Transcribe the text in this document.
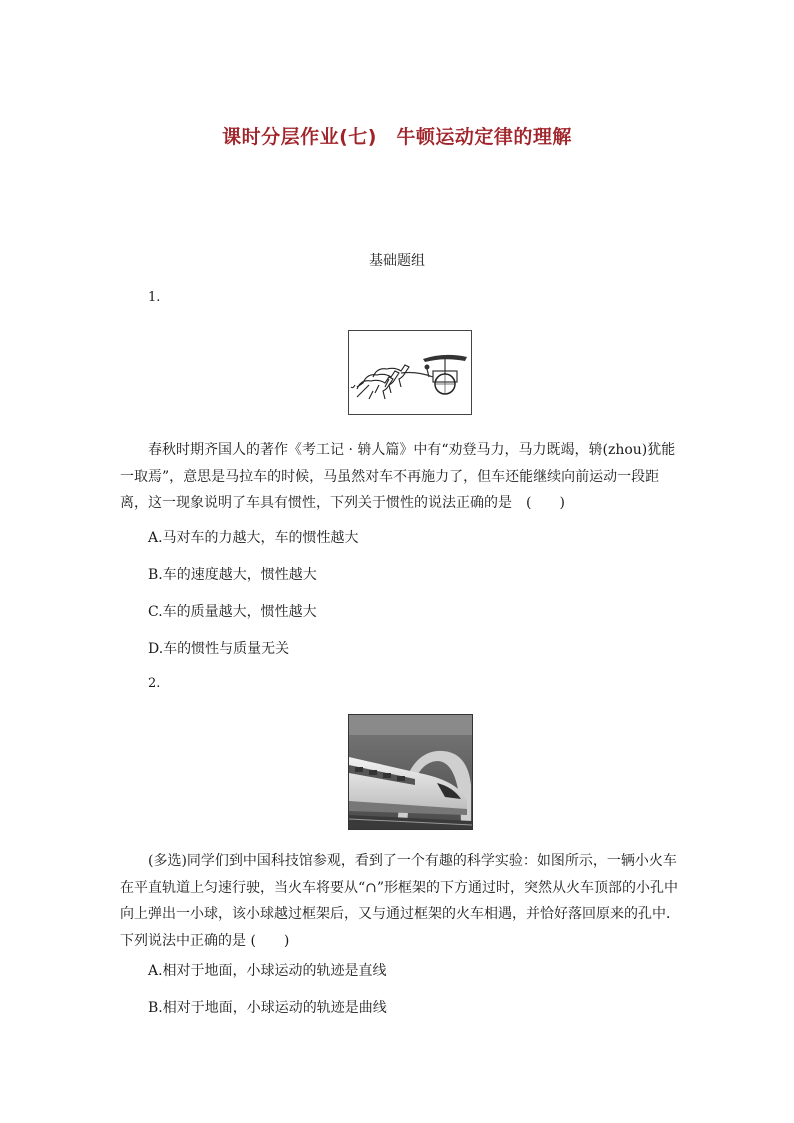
课时分层作业(七)　牛顿运动定律的理解
基础题组
1.

春秋时期齐国人的著作《考工记 · 辀人篇》中有“劝登马力，马力既竭，辀(zhou)犹能一取焉”，意思是马拉车的时候，马虽然对车不再施力了，但车还能继续向前运动一段距离，这一现象说明了车具有惯性，下列关于惯性的说法正确的是　(　　)

A.马对车的力越大，车的惯性越大
B.车的速度越大，惯性越大
C.车的质量越大，惯性越大
D.车的惯性与质量无关
2.

(多选)同学们到中国科技馆参观，看到了一个有趣的科学实验：如图所示，一辆小火车在平直轨道上匀速行驶，当火车将要从“∩”形框架的下方通过时，突然从火车顶部的小孔中向上弹出一小球，该小球越过框架后，又与通过框架的火车相遇，并恰好落回原来的孔中．下列说法中正确的是 (　　)

A.相对于地面，小球运动的轨迹是直线
B.相对于地面，小球运动的轨迹是曲线
